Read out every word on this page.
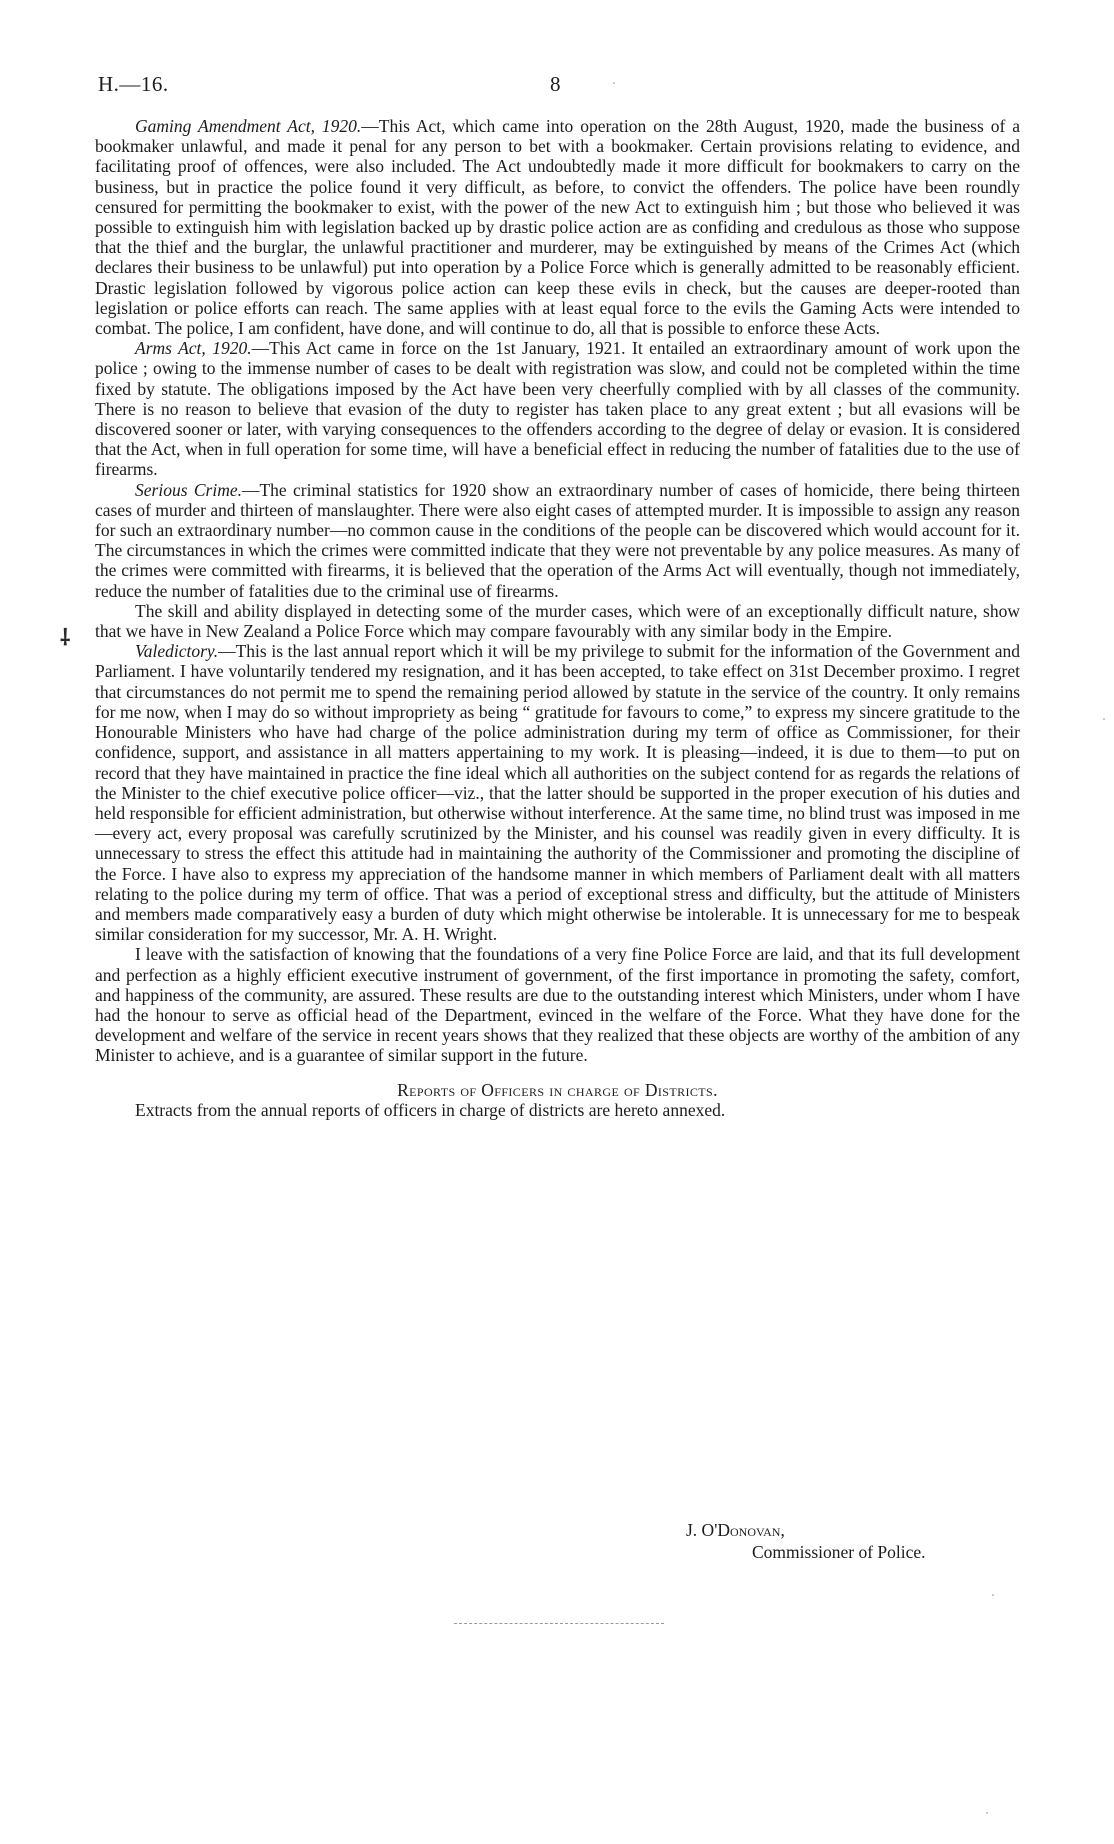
H.—16.	8
⸸

Gaming Amendment Act, 1920.—This Act, which came into operation on the 28th August, 1920, made the business of a bookmaker unlawful, and made it penal for any person to bet with a bookmaker. Certain provisions relating to evidence, and facilitating proof of offences, were also included. The Act undoubtedly made it more difficult for bookmakers to carry on the business, but in practice the police found it very difficult, as before, to convict the offenders. The police have been roundly censured for permitting the bookmaker to exist, with the power of the new Act to extinguish him ; but those who believed it was possible to extinguish him with legislation backed up by drastic police action are as confiding and credulous as those who suppose that the thief and the burglar, the unlawful practitioner and murderer, may be extinguished by means of the Crimes Act (which declares their business to be unlawful) put into operation by a Police Force which is generally admitted to be reasonably efficient. Drastic legislation followed by vigorous police action can keep these evils in check, but the causes are deeper-rooted than legislation or police efforts can reach. The same applies with at least equal force to the evils the Gaming Acts were intended to combat. The police, I am confident, have done, and will continue to do, all that is possible to enforce these Acts.

Arms Act, 1920.—This Act came in force on the 1st January, 1921. It entailed an extraordinary amount of work upon the police ; owing to the immense number of cases to be dealt with registration was slow, and could not be completed within the time fixed by statute. The obligations imposed by the Act have been very cheerfully complied with by all classes of the community. There is no reason to believe that evasion of the duty to register has taken place to any great extent ; but all evasions will be discovered sooner or later, with varying consequences to the offenders according to the degree of delay or evasion. It is considered that the Act, when in full operation for some time, will have a beneficial effect in reducing the number of fatalities due to the use of firearms.

Serious Crime.—The criminal statistics for 1920 show an extraordinary number of cases of homicide, there being thirteen cases of murder and thirteen of manslaughter. There were also eight cases of attempted murder. It is impossible to assign any reason for such an extraordinary number—no common cause in the conditions of the people can be discovered which would account for it. The circumstances in which the crimes were committed indicate that they were not preventable by any police measures. As many of the crimes were committed with firearms, it is believed that the operation of the Arms Act will eventually, though not immediately, reduce the number of fatalities due to the criminal use of firearms.

The skill and ability displayed in detecting some of the murder cases, which were of an exceptionally difficult nature, show that we have in New Zealand a Police Force which may compare favourably with any similar body in the Empire.

Valedictory.—This is the last annual report which it will be my privilege to submit for the information of the Government and Parliament. I have voluntarily tendered my resignation, and it has been accepted, to take effect on 31st December proximo. I regret that circumstances do not permit me to spend the remaining period allowed by statute in the service of the country. It only remains for me now, when I may do so without impropriety as being “ gratitude for favours to come,” to express my sincere gratitude to the Honourable Ministers who have had charge of the police administration during my term of office as Commissioner, for their confidence, support, and assistance in all matters appertaining to my work. It is pleasing—indeed, it is due to them—to put on record that they have maintained in practice the fine ideal which all authorities on the subject contend for as regards the relations of the Minister to the chief executive police officer—viz., that the latter should be supported in the proper execution of his duties and held responsible for efficient administration, but otherwise without interference. At the same time, no blind trust was imposed in me—every act, every proposal was carefully scrutinized by the Minister, and his counsel was readily given in every difficulty. It is unnecessary to stress the effect this attitude had in maintaining the authority of the Commissioner and promoting the discipline of the Force. I have also to express my appreciation of the handsome manner in which members of Parliament dealt with all matters relating to the police during my term of office. That was a period of exceptional stress and difficulty, but the attitude of Ministers and members made comparatively easy a burden of duty which might otherwise be intolerable. It is unnecessary for me to bespeak similar consideration for my successor, Mr. A. H. Wright.

I leave with the satisfaction of knowing that the foundations of a very fine Police Force are laid, and that its full development and perfection as a highly efficient executive instrument of government, of the first importance in promoting the safety, comfort, and happiness of the community, are assured. These results are due to the outstanding interest which Ministers, under whom I have had the honour to serve as official head of the Department, evinced in the welfare of the Force. What they have done for the development and welfare of the service in recent years shows that they realized that these objects are worthy of the ambition of any Minister to achieve, and is a guarantee of similar support in the future.

Reports of Officers in charge of Districts.

Extracts from the annual reports of officers in charge of districts are hereto annexed.

J. O'Donovan,
Commissioner of Police.
